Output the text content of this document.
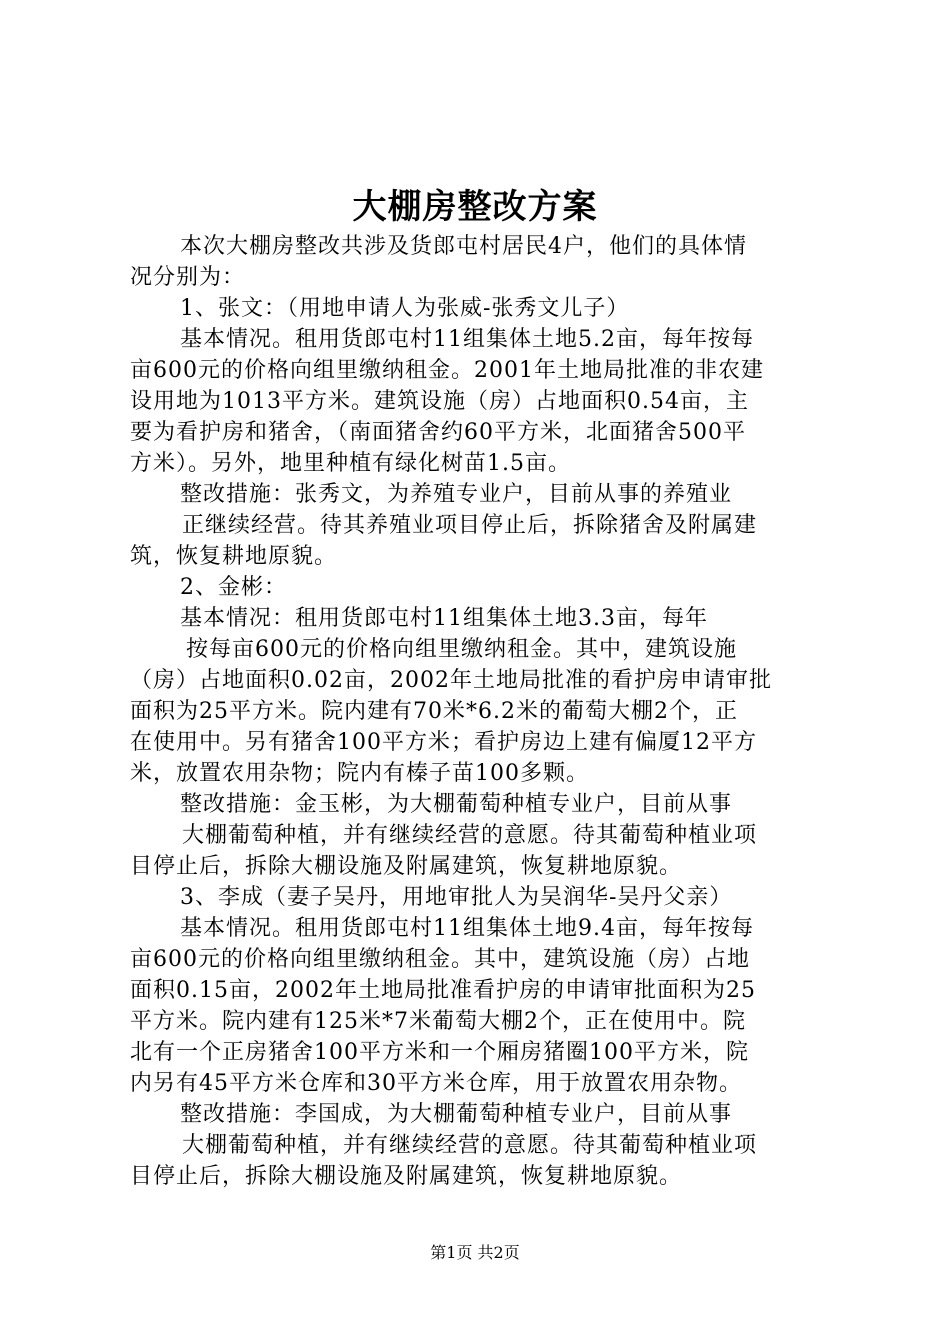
大棚房整改方案
本次大棚房整改共涉及货郎屯村居民4户，他们的具体情
况分别为：
1、张文：（用地申请人为张威-张秀文儿子）
基本情况。租用货郎屯村11组集体土地5.2亩，每年按每
亩600元的价格向组里缴纳租金。2001年土地局批准的非农建
设用地为1013平方米。建筑设施（房）占地面积0.54亩，主
要为看护房和猪舍，（南面猪舍约60平方米，北面猪舍500平
方米）。另外，地里种植有绿化树苗1.5亩。
整改措施：张秀文，为养殖专业户，目前从事的养殖业
正继续经营。待其养殖业项目停止后，拆除猪舍及附属建
筑，恢复耕地原貌。
2、金彬：
基本情况：租用货郎屯村11组集体土地3.3亩，每年
按每亩600元的价格向组里缴纳租金。其中，建筑设施
（房）占地面积0.02亩，2002年土地局批准的看护房申请审批
面积为25平方米。院内建有70米*6.2米的葡萄大棚2个，正
在使用中。另有猪舍100平方米；看护房边上建有偏厦12平方
米，放置农用杂物；院内有榛子苗100多颗。
整改措施：金玉彬，为大棚葡萄种植专业户，目前从事
大棚葡萄种植，并有继续经营的意愿。待其葡萄种植业项
目停止后，拆除大棚设施及附属建筑，恢复耕地原貌。
3、李成（妻子吴丹，用地审批人为吴润华-吴丹父亲）
基本情况。租用货郎屯村11组集体土地9.4亩，每年按每
亩600元的价格向组里缴纳租金。其中，建筑设施（房）占地
面积0.15亩，2002年土地局批准看护房的申请审批面积为25
平方米。院内建有125米*7米葡萄大棚2个，正在使用中。院
北有一个正房猪舍100平方米和一个厢房猪圈100平方米，院
内另有45平方米仓库和30平方米仓库，用于放置农用杂物。
整改措施：李国成，为大棚葡萄种植专业户，目前从事
大棚葡萄种植，并有继续经营的意愿。待其葡萄种植业项
目停止后，拆除大棚设施及附属建筑，恢复耕地原貌。
第1页 共2页
